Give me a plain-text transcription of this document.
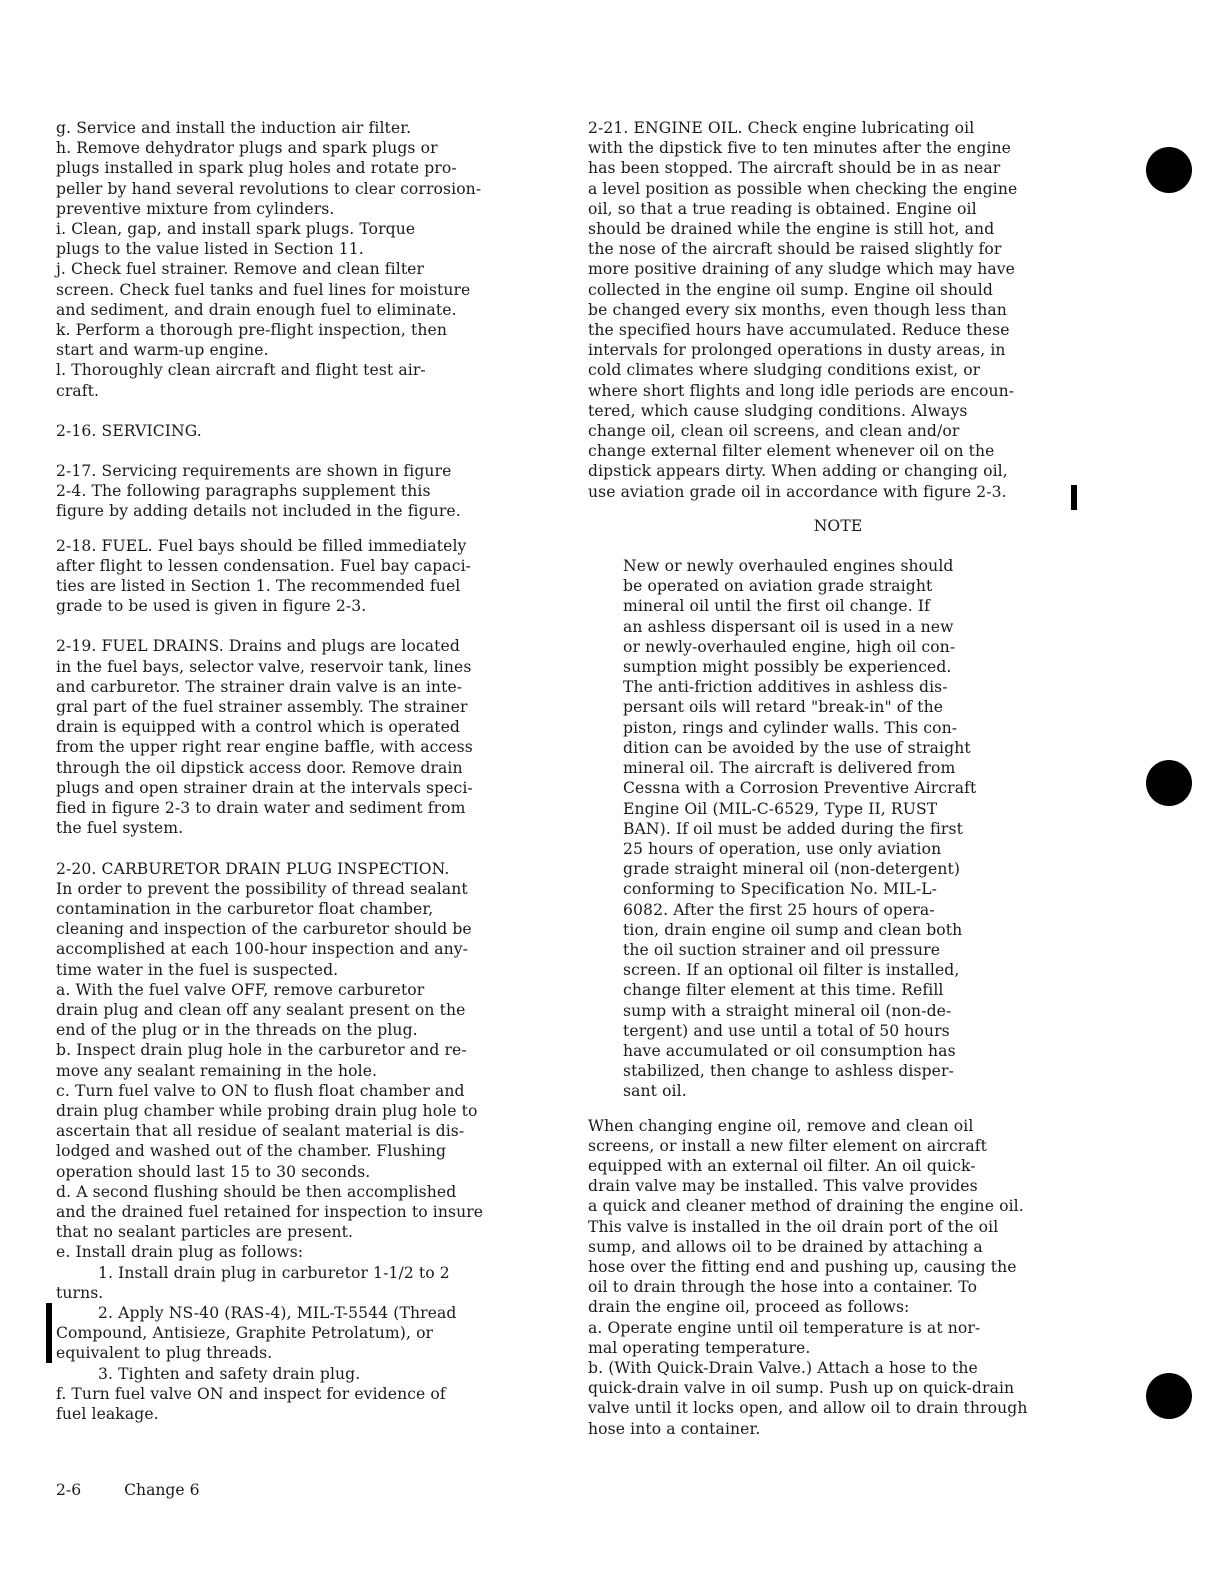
g. Service and install the induction air filter.
h. Remove dehydrator plugs and spark plugs or
plugs installed in spark plug holes and rotate pro-
peller by hand several revolutions to clear corrosion-
preventive mixture from cylinders.
i. Clean, gap, and install spark plugs. Torque
plugs to the value listed in Section 11.
j. Check fuel strainer. Remove and clean filter
screen. Check fuel tanks and fuel lines for moisture
and sediment, and drain enough fuel to eliminate.
k. Perform a thorough pre-flight inspection, then
start and warm-up engine.
l. Thoroughly clean aircraft and flight test air-
craft.
2-16. SERVICING.
2-17. Servicing requirements are shown in figure
2-4. The following paragraphs supplement this
figure by adding details not included in the figure.
2-18. FUEL. Fuel bays should be filled immediately
after flight to lessen condensation. Fuel bay capaci-
ties are listed in Section 1. The recommended fuel
grade to be used is given in figure 2-3.
2-19. FUEL DRAINS. Drains and plugs are located
in the fuel bays, selector valve, reservoir tank, lines
and carburetor. The strainer drain valve is an inte-
gral part of the fuel strainer assembly. The strainer
drain is equipped with a control which is operated
from the upper right rear engine baffle, with access
through the oil dipstick access door. Remove drain
plugs and open strainer drain at the intervals speci-
fied in figure 2-3 to drain water and sediment from
the fuel system.
2-20. CARBURETOR DRAIN PLUG INSPECTION.
In order to prevent the possibility of thread sealant
contamination in the carburetor float chamber,
cleaning and inspection of the carburetor should be
accomplished at each 100-hour inspection and any-
time water in the fuel is suspected.
a. With the fuel valve OFF, remove carburetor
drain plug and clean off any sealant present on the
end of the plug or in the threads on the plug.
b. Inspect drain plug hole in the carburetor and re-
move any sealant remaining in the hole.
c. Turn fuel valve to ON to flush float chamber and
drain plug chamber while probing drain plug hole to
ascertain that all residue of sealant material is dis-
lodged and washed out of the chamber. Flushing
operation should last 15 to 30 seconds.
d. A second flushing should be then accomplished
and the drained fuel retained for inspection to insure
that no sealant particles are present.
e. Install drain plug as follows:
1. Install drain plug in carburetor 1-1/2 to 2
turns.
2. Apply NS-40 (RAS-4), MIL-T-5544 (Thread
Compound, Antisieze, Graphite Petrolatum), or
equivalent to plug threads.
3. Tighten and safety drain plug.
f. Turn fuel valve ON and inspect for evidence of
fuel leakage.
2-21. ENGINE OIL. Check engine lubricating oil
with the dipstick five to ten minutes after the engine
has been stopped. The aircraft should be in as near
a level position as possible when checking the engine
oil, so that a true reading is obtained. Engine oil
should be drained while the engine is still hot, and
the nose of the aircraft should be raised slightly for
more positive draining of any sludge which may have
collected in the engine oil sump. Engine oil should
be changed every six months, even though less than
the specified hours have accumulated. Reduce these
intervals for prolonged operations in dusty areas, in
cold climates where sludging conditions exist, or
where short flights and long idle periods are encoun-
tered, which cause sludging conditions. Always
change oil, clean oil screens, and clean and/or
change external filter element whenever oil on the
dipstick appears dirty. When adding or changing oil,
use aviation grade oil in accordance with figure 2-3.
NOTE
New or newly overhauled engines should
be operated on aviation grade straight
mineral oil until the first oil change. If
an ashless dispersant oil is used in a new
or newly-overhauled engine, high oil con-
sumption might possibly be experienced.
The anti-friction additives in ashless dis-
persant oils will retard "break-in" of the
piston, rings and cylinder walls. This con-
dition can be avoided by the use of straight
mineral oil. The aircraft is delivered from
Cessna with a Corrosion Preventive Aircraft
Engine Oil (MIL-C-6529, Type II, RUST
BAN). If oil must be added during the first
25 hours of operation, use only aviation
grade straight mineral oil (non-detergent)
conforming to Specification No. MIL-L-
6082. After the first 25 hours of opera-
tion, drain engine oil sump and clean both
the oil suction strainer and oil pressure
screen. If an optional oil filter is installed,
change filter element at this time. Refill
sump with a straight mineral oil (non-de-
tergent) and use until a total of 50 hours
have accumulated or oil consumption has
stabilized, then change to ashless disper-
sant oil.
When changing engine oil, remove and clean oil
screens, or install a new filter element on aircraft
equipped with an external oil filter. An oil quick-
drain valve may be installed. This valve provides
a quick and cleaner method of draining the engine oil.
This valve is installed in the oil drain port of the oil
sump, and allows oil to be drained by attaching a
hose over the fitting end and pushing up, causing the
oil to drain through the hose into a container. To
drain the engine oil, proceed as follows:
a. Operate engine until oil temperature is at nor-
mal operating temperature.
b. (With Quick-Drain Valve.) Attach a hose to the
quick-drain valve in oil sump. Push up on quick-drain
valve until it locks open, and allow oil to drain through
hose into a container.
2-6	Change 6
